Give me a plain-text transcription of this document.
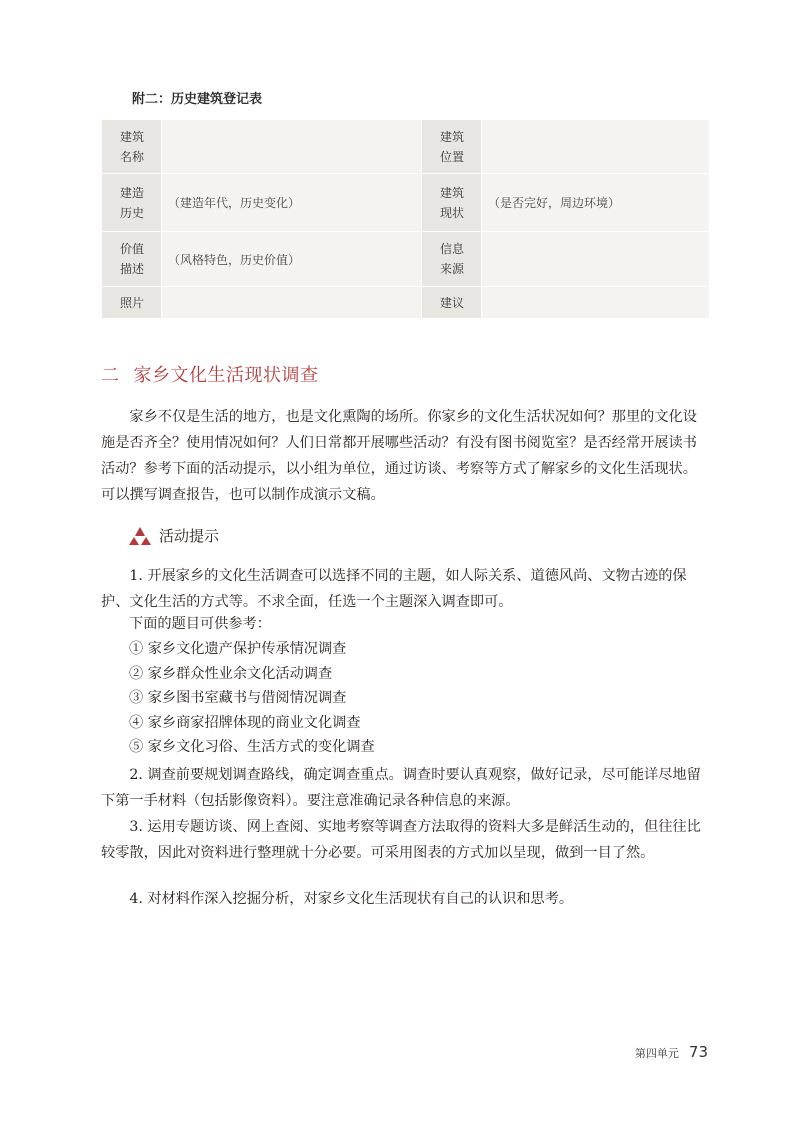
附二：历史建筑登记表
建筑名称		建筑位置	
建造历史	（建造年代，历史变化）	建筑现状	（是否完好，周边环境）
价值描述	（风格特色，历史价值）	信息来源	
照片		建议	
二 家乡文化生活现状调查

家乡不仅是生活的地方，也是文化熏陶的场所。你家乡的文化生活状况如何？那里的文化设施是否齐全？使用情况如何？人们日常都开展哪些活动？有没有图书阅览室？是否经常开展读书活动？参考下面的活动提示，以小组为单位，通过访谈、考察等方式了解家乡的文化生活现状。可以撰写调查报告，也可以制作成演示文稿。

活动提示

1. 开展家乡的文化生活调查可以选择不同的主题，如人际关系、道德风尚、文物古迹的保护、文化生活的方式等。不求全面，任选一个主题深入调查即可。

下面的题目可供参考：
① 家乡文化遗产保护传承情况调查
② 家乡群众性业余文化活动调查
③ 家乡图书室藏书与借阅情况调查
④ 家乡商家招牌体现的商业文化调查
⑤ 家乡文化习俗、生活方式的变化调查

2. 调查前要规划调查路线，确定调查重点。调查时要认真观察，做好记录，尽可能详尽地留下第一手材料（包括影像资料）。要注意准确记录各种信息的来源。

3. 运用专题访谈、网上查阅、实地考察等调查方法取得的资料大多是鲜活生动的，但往往比较零散，因此对资料进行整理就十分必要。可采用图表的方式加以呈现，做到一目了然。

4. 对材料作深入挖掘分析，对家乡文化生活现状有自己的认识和思考。

第四单元 73
